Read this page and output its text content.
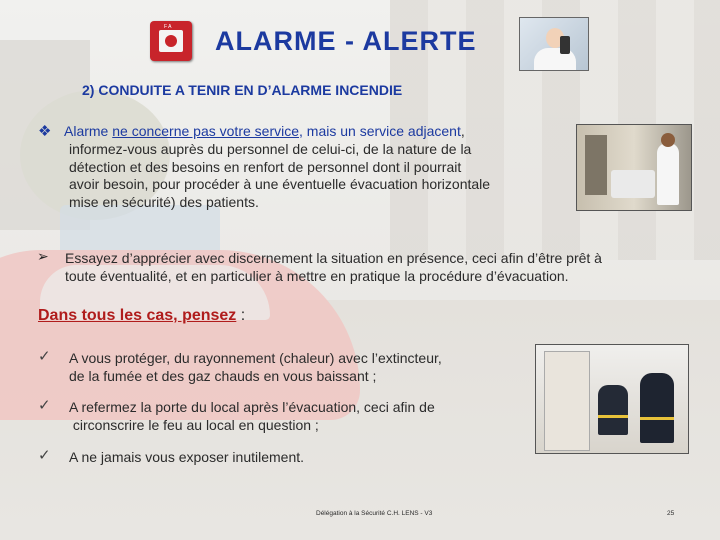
F A ALARME - ALERTE
2) CONDUITE A TENIR EN D’ALARME INCENDIE
❖ Alarme ne concerne pas votre service, mais un service adjacent,
informez-vous auprès du personnel de celui-ci, de la nature de la
détection et des besoins en renfort de personnel dont il pourrait
avoir besoin, pour procéder à une éventuelle évacuation horizontale
mise en sécurité) des patients.
➢ Essayez d’apprécier avec discernement la situation en présence, ceci afin d’être prêt à
toute éventualité, et en particulier à mettre en pratique la procédure d’évacuation.
Dans tous les cas, pensez :
✓ A vous protéger, du rayonnement (chaleur) avec l’extincteur,
de la fumée et des gaz chauds en vous baissant ;
✓ A refermez la porte du local après l’évacuation, ceci afin de
circonscrire le feu au local en question ;
✓ A ne jamais vous exposer inutilement.
Délégation à la Sécurité C.H. LENS - V3	25
